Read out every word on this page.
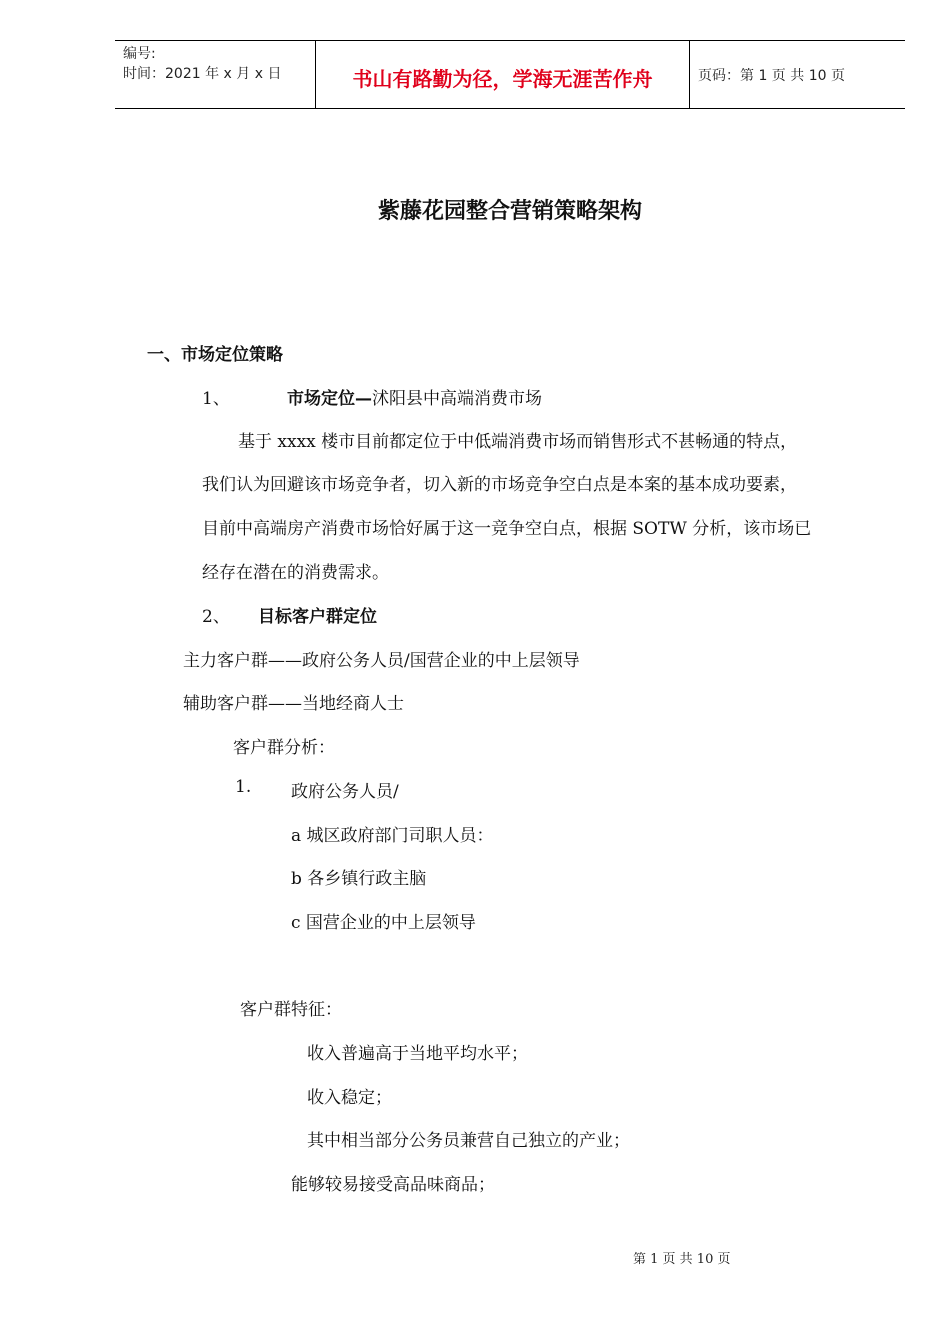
编号:
时间：2021 年 x 月 x 日	书山有路勤为径，学海无涯苦作舟	页码：第 1 页 共 10 页
紫藤花园整合营销策略架构
一、市场定位策略
1、	市场定位—沭阳县中高端消费市场
基于 xxxx 楼市目前都定位于中低端消费市场而销售形式不甚畅通的特点，
我们认为回避该市场竞争者，切入新的市场竞争空白点是本案的基本成功要素，
目前中高端房产消费市场恰好属于这一竞争空白点，根据 SOTW 分析，该市场已
经存在潜在的消费需求。
2、 目标客户群定位
主力客户群——政府公务人员/国营企业的中上层领导
辅助客户群——当地经商人士
客户群分析：
1. 政府公务人员/
a 城区政府部门司职人员：
b 各乡镇行政主脑
c 国营企业的中上层领导
客户群特征：
收入普遍高于当地平均水平；
收入稳定；
其中相当部分公务员兼营自己独立的产业；
能够较易接受高品味商品；
第 1 页 共 10 页
